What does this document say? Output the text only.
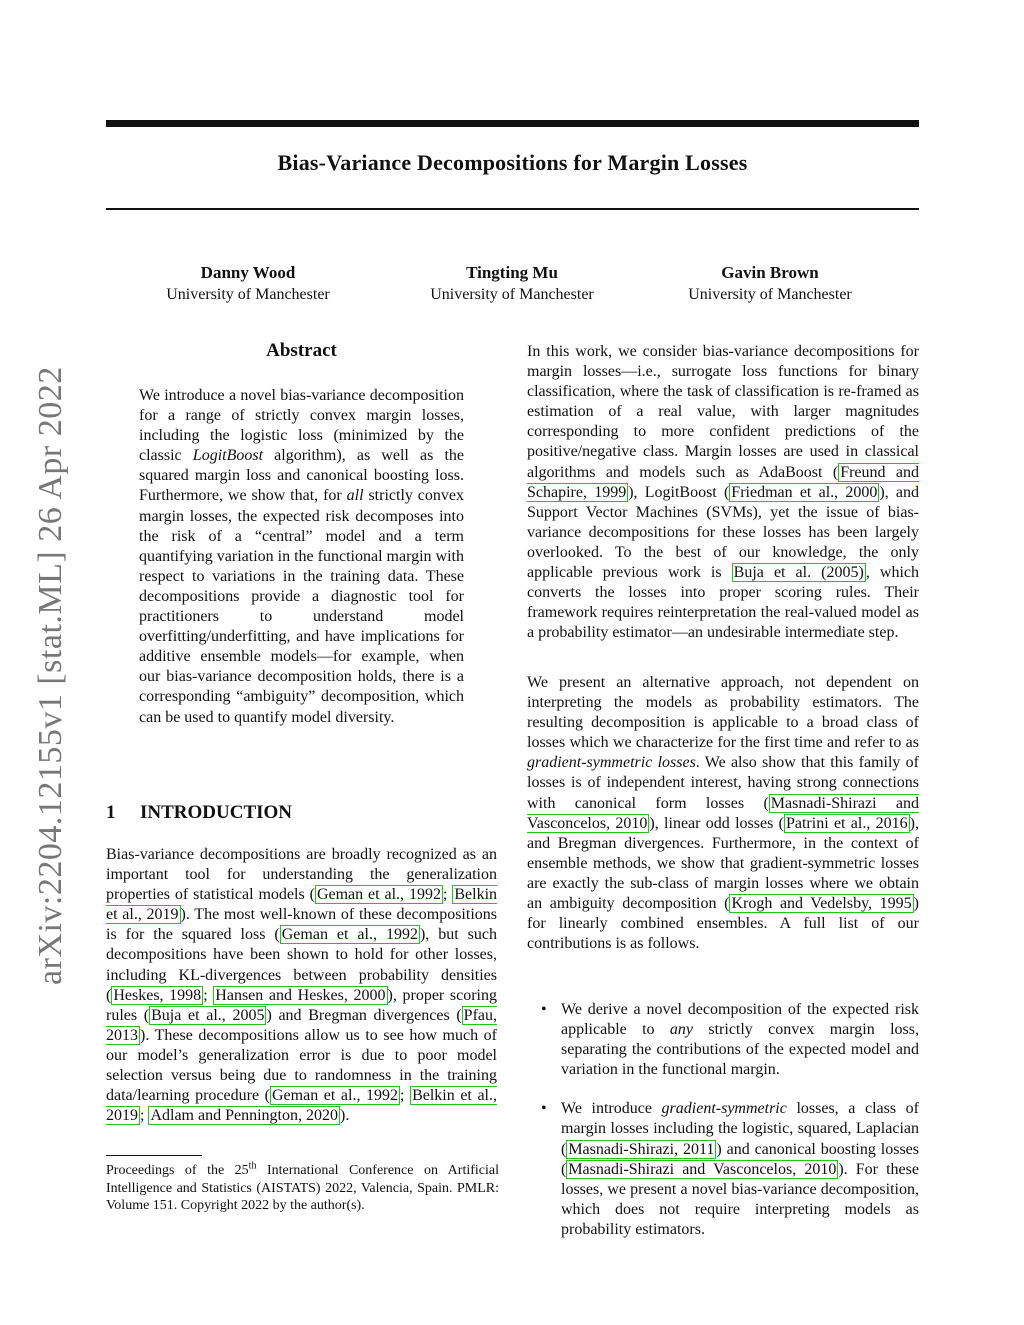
Bias-Variance Decompositions for Margin Losses
Danny Wood
University of Manchester
Tingting Mu
University of Manchester
Gavin Brown
University of Manchester
arXiv:2204.12155v1 [stat.ML] 26 Apr 2022
Abstract

We introduce a novel bias-variance decomposition for a range of strictly convex margin losses, including the logistic loss (minimized by the classic LogitBoost algorithm), as well as the squared margin loss and canonical boosting loss. Furthermore, we show that, for all strictly convex margin losses, the expected risk decomposes into the risk of a “central” model and a term quantifying variation in the functional margin with respect to variations in the training data. These decompositions provide a diagnostic tool for practitioners to understand model overfitting/underfitting, and have implications for additive ensemble models—for example, when our bias-variance decomposition holds, there is a corresponding “ambiguity” decomposition, which can be used to quantify model diversity.

1 INTRODUCTION

Bias-variance decompositions are broadly recognized as an important tool for understanding the generalization properties of statistical models ( Geman et al., 1992 ; Belkin et al., 2019 ). The most well-known of these decompositions is for the squared loss ( Geman et al., 1992 ), but such decompositions have been shown to hold for other losses, including KL-divergences between probability densities ( Heskes, 1998 ; Hansen and Heskes, 2000 ), proper scoring rules ( Buja et al., 2005 ) and Bregman divergences ( Pfau, 2013 ). These decompositions allow us to see how much of our model’s generalization error is due to poor model selection versus being due to randomness in the training data/learning procedure ( Geman et al., 1992 ; Belkin et al., 2019 ; Adlam and Pennington, 2020 ).

Proceedings of the 25th International Conference on Artificial Intelligence and Statistics (AISTATS) 2022, Valencia, Spain. PMLR: Volume 151. Copyright 2022 by the author(s).

In this work, we consider bias-variance decompositions for margin losses—i.e., surrogate loss functions for binary classification, where the task of classification is re-framed as estimation of a real value, with larger magnitudes corresponding to more confident predictions of the positive/negative class. Margin losses are used in classical algorithms and models such as AdaBoost ( Freund and Schapire, 1999 ), LogitBoost ( Friedman et al., 2000 ), and Support Vector Machines (SVMs), yet the issue of bias-variance decompositions for these losses has been largely overlooked. To the best of our knowledge, the only applicable previous work is Buja et al. (2005) , which converts the losses into proper scoring rules. Their framework requires reinterpretation the real-valued model as a probability estimator—an undesirable intermediate step.

We present an alternative approach, not dependent on interpreting the models as probability estimators. The resulting decomposition is applicable to a broad class of losses which we characterize for the first time and refer to as gradient-symmetric losses. We also show that this family of losses is of independent interest, having strong connections with canonical form losses ( Masnadi-Shirazi and Vasconcelos, 2010 ), linear odd losses ( Patrini et al., 2016 ), and Bregman divergences. Furthermore, in the context of ensemble methods, we show that gradient-symmetric losses are exactly the sub-class of margin losses where we obtain an ambiguity decomposition ( Krogh and Vedelsby, 1995 ) for linearly combined ensembles. A full list of our contributions is as follows.

• We derive a novel decomposition of the expected risk applicable to any strictly convex margin loss, separating the contributions of the expected model and variation in the functional margin.
• We introduce gradient-symmetric losses, a class of margin losses including the logistic, squared, Laplacian ( Masnadi-Shirazi, 2011 ) and canonical boosting losses ( Masnadi-Shirazi and Vasconcelos, 2010 ). For these losses, we present a novel bias-variance decomposition, which does not require interpreting models as probability estimators.
